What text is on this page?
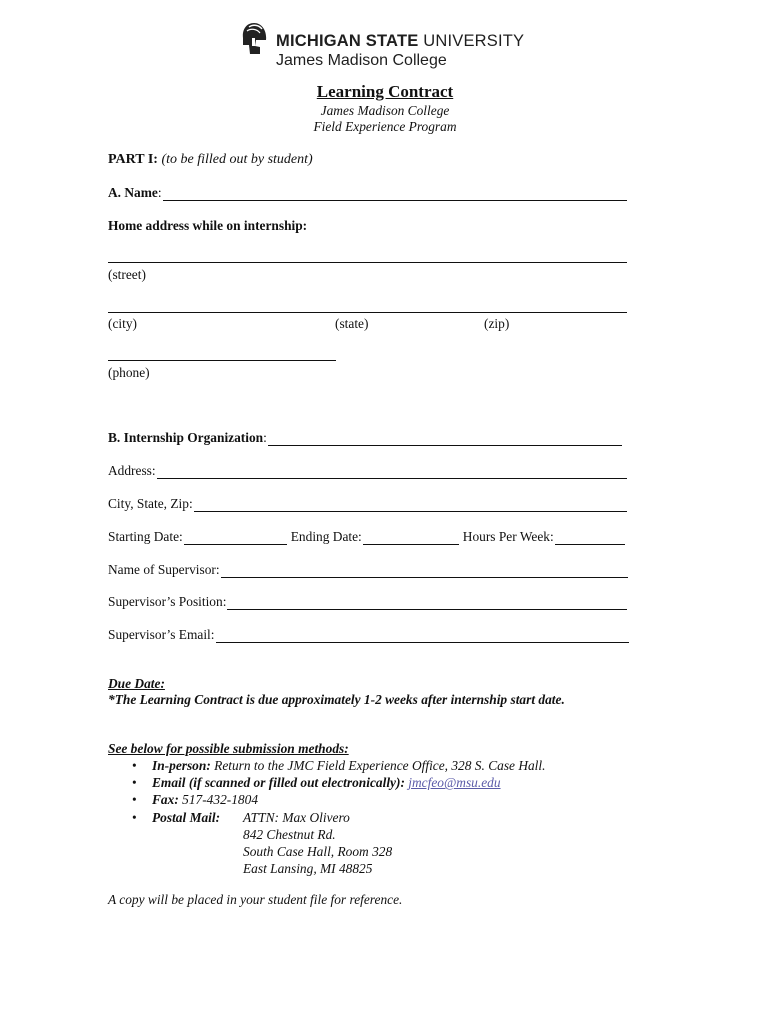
MICHIGAN STATE UNIVERSITY
James Madison College
Learning Contract
James Madison College
Field Experience Program
PART I: (to be filled out by student)
A. Name :
Home address while on internship:
(street)
(city)	(state)	(zip)
(phone)
B. Internship Organization :
Address:
City, State, Zip:
Starting Date:	Ending Date:	Hours Per Week:
Name of Supervisor:
Supervisor’s Position:
Supervisor’s Email:
Due Date:
*The Learning Contract is due approximately 1-2 weeks after internship start date.
See below for possible submission methods:
• In-person: Return to the JMC Field Experience Office, 328 S. Case Hall.
• Email (if scanned or filled out electronically): jmcfeo@msu.edu
• Fax: 517-432-1804
• Postal Mail:	ATTN: Max Olivero
842 Chestnut Rd.
South Case Hall, Room 328
East Lansing, MI 48825
A copy will be placed in your student file for reference.
